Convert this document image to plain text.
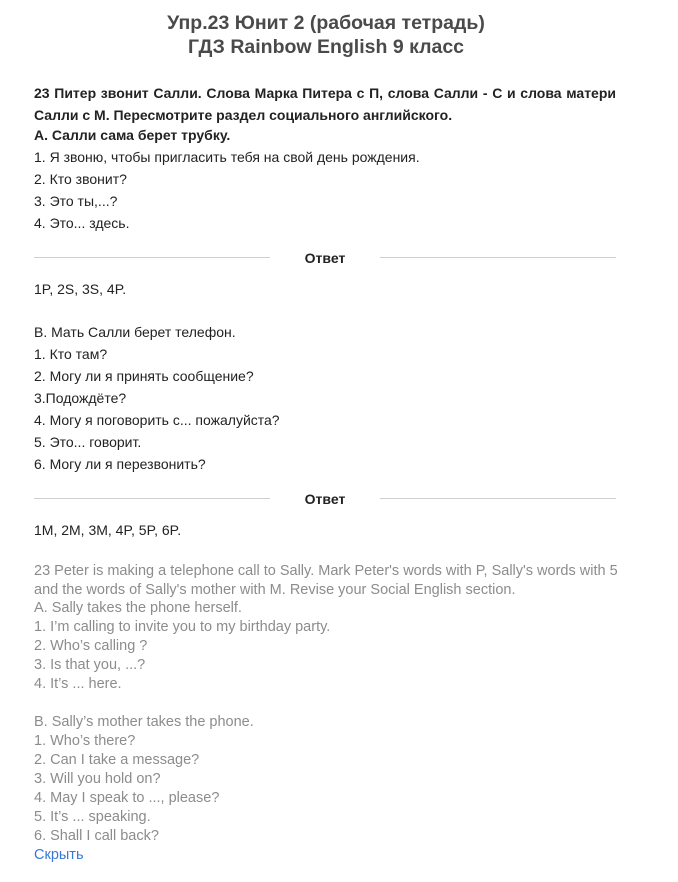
Упр.23 Юнит 2 (рабочая тетрадь)
ГДЗ Rainbow English 9 класс
23 Питер звонит Салли. Слова Марка Питера с П, слова Салли - С и слова матери Салли с М. Пересмотрите раздел социального английского.
А. Салли сама берет трубку.
1. Я звоню, чтобы пригласить тебя на свой день рождения.
2. Кто звонит?
3. Это ты,...?
4. Это... здесь.
Ответ
1P, 2S, 3S, 4P.
B. Мать Салли берет телефон.
1. Кто там?
2. Могу ли я принять сообщение?
3.Подождёте?
4. Могу я поговорить с... пожалуйста?
5. Это... говорит.
6. Могу ли я перезвонить?
Ответ
1M, 2M, 3M, 4P, 5P, 6P.
23 Peter is making a telephone call to Sally. Mark Peter's words with P, Sally's words with 5 and the words of Sally's mother with M. Revise your Social English section.
A. Sally takes the phone herself.
1. I’m calling to invite you to my birthday party.
2. Who’s calling ?
3. Is that you, ...?
4. It’s ... here.
B. Sally’s mother takes the phone.
1. Who’s there?
2. Can I take a message?
3. Will you hold on?
4. May I speak to ..., please?
5. It’s ... speaking.
6. Shall I call back?
Скрыть
